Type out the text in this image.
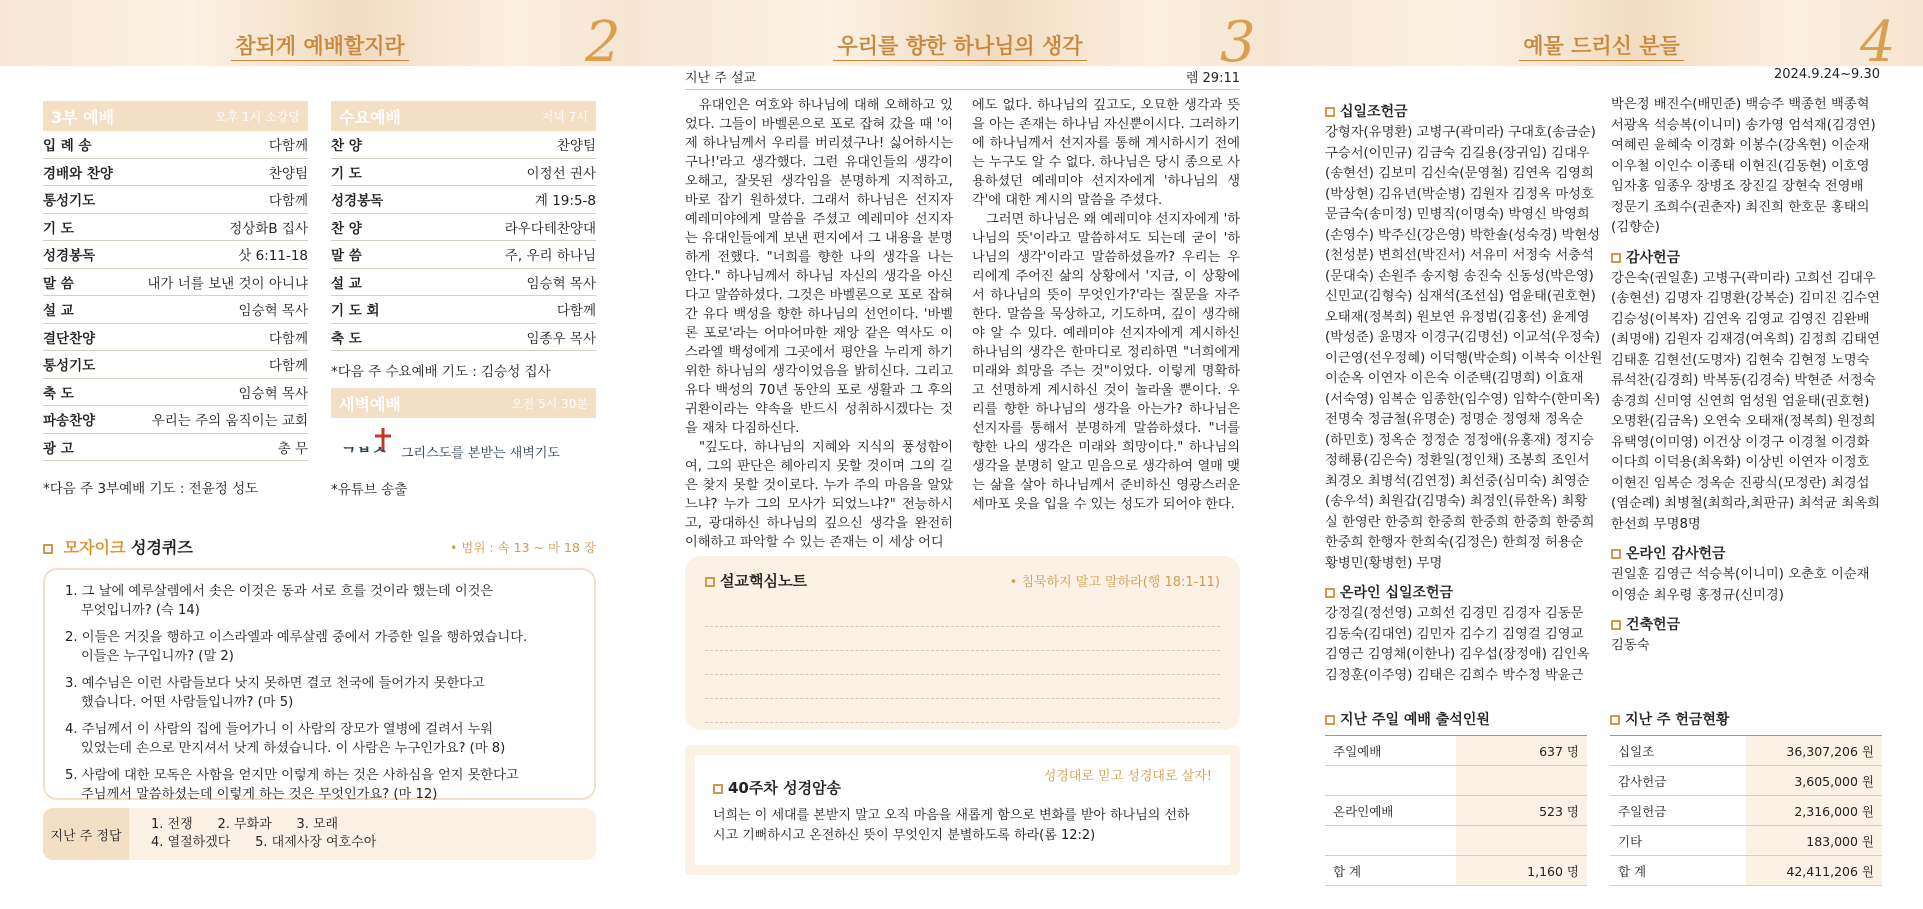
참되게 예배할지라	2
3부 예배	오후 1시 소강당
입 례 송	다함께
경배와 찬양	찬양팀
통성기도	다함께
기 도	정상화B 집사
성경봉독	삿 6:11-18
말 씀	내가 너를 보낸 것이 아니냐
설 교	임승혁 목사
결단찬양	다함께
통성기도	다함께
축 도	임승혁 목사
파송찬양	우리는 주의 움직이는 교회
광 고	총 무
*다음 주 3부예배 기도 : 전윤정 성도
수요예배	저녁 7시
찬 양	찬양팀
기 도	이정선 권사
성경봉독	계 19:5-8
찬 양	라우다테찬양대
말 씀	주, 우리 하나님
설 교	임승혁 목사
기 도 회	다함께
축 도	임종우 목사
*다음 주 수요예배 기도 : 김승성 집사
새벽예배	오전 5시 30분
ᄀᄇᄉ 그리스도를 본받는 새벽기도
*유튜브 송출
모자이크 성경퀴즈	• 범위 : 속 13 ~ 마 18 장
1. 그 날에 예루살렘에서 솟은 이것은 동과 서로 흐를 것이라 했는데 이것은
무엇입니까? (슥 14)
2. 이들은 거짓을 행하고 이스라엘과 예루살렘 중에서 가증한 일을 행하였습니다.
이들은 누구입니까? (말 2)
3. 예수님은 이런 사람들보다 낫지 못하면 결코 천국에 들어가지 못한다고
했습니다. 어떤 사람들입니까? (마 5)
4. 주님께서 이 사람의 집에 들어가니 이 사람의 장모가 열병에 걸려서 누워
있었는데 손으로 만지셔서 낫게 하셨습니다. 이 사람은 누구인가요? (마 8)
5. 사람에 대한 모독은 사함을 얻지만 이렇게 하는 것은 사하심을 얻지 못한다고
주님께서 말씀하셨는데 이렇게 하는 것은 무엇인가요? (마 12)
지난 주 정답
1. 전쟁      2. 무화과      3. 모래
4. 열절하겠다      5. 대제사장 여호수아
우리를 향한 하나님의 생각	3
지난 주 설교	렘 29:11

유대인은 여호와 하나님에 대해 오해하고 있었다. 그들이 바벨론으로 포로 잡혀 갔을 때 '이제 하나님께서 우리를 버리셨구나! 싫어하시는구나!'라고 생각했다. 그런 유대인들의 생각이 오해고, 잘못된 생각임을 분명하게 지적하고, 바로 잡기 원하셨다. 그래서 하나님은 선지자 예레미야에게 말씀을 주셨고 예레미야 선지자는 유대인들에게 보낸 편지에서 그 내용을 분명하게 전했다. "너희를 향한 나의 생각을 나는 안다." 하나님께서 하나님 자신의 생각을 아신다고 말씀하셨다. 그것은 바벨론으로 포로 잡혀간 유다 백성을 향한 하나님의 선언이다. '바벨론 포로'라는 어마어마한 재앙 같은 역사도 이스라엘 백성에게 그곳에서 평안을 누리게 하기 위한 하나님의 생각이었음을 밝히신다. 그리고 유다 백성의 70년 동안의 포로 생활과 그 후의 귀환이라는 약속을 반드시 성취하시겠다는 것을 재차 다짐하신다.

"깊도다. 하나님의 지혜와 지식의 풍성함이여, 그의 판단은 헤아리지 못할 것이며 그의 길은 찾지 못할 것이로다. 누가 주의 마음을 알았느냐? 누가 그의 모사가 되었느냐?" 전능하시고, 광대하신 하나님의 깊으신 생각을 완전히 이해하고 파악할 수 있는 존재는 이 세상 어디

에도 없다. 하나님의 깊고도, 오묘한 생각과 뜻을 아는 존재는 하나님 자신뿐이시다. 그러하기에 하나님께서 선지자를 통해 계시하시기 전에는 누구도 알 수 없다. 하나님은 당시 종으로 사용하셨던 예레미야 선지자에게 '하나님의 생각'에 대한 계시의 말씀을 주셨다.

그러면 하나님은 왜 예레미야 선지자에게 '하나님의 뜻'이라고 말씀하셔도 되는데 굳이 '하나님의 생각'이라고 말씀하셨을까? 우리는 우리에게 주어진 삶의 상황에서 '지금, 이 상황에서 하나님의 뜻이 무엇인가?'라는 질문을 자주 한다. 말씀을 묵상하고, 기도하며, 깊이 생각해야 알 수 있다. 예레미야 선지자에게 계시하신 하나님의 생각은 한마디로 정리하면 "너희에게 미래와 희망을 주는 것"이었다. 이렇게 명확하고 선명하게 계시하신 것이 놀라울 뿐이다. 우리를 향한 하나님의 생각을 아는가? 하나님은 선지자를 통해서 분명하게 말씀하셨다. "너를 향한 나의 생각은 미래와 희망이다." 하나님의 생각을 분명히 알고 믿음으로 생각하여 열매 맺는 삶을 살아 하나님께서 준비하신 영광스러운 세마포 옷을 입을 수 있는 성도가 되어야 한다.

설교핵심노트	• 침묵하지 말고 말하라(행 18:1-11)
성경대로 믿고 성경대로 살자!
40주차 성경암송
너희는 이 세대를 본받지 말고 오직 마음을 새롭게 함으로 변화를 받아 하나님의 선하
시고 기뻐하시고 온전하신 뜻이 무엇인지 분별하도록 하라(롬 12:2)
예물 드리신 분들	4
2024.9.24~9.30
십일조헌금
강형자(유명환) 고병구(곽미라) 구대호(송금순)
구승서(이민규) 김금숙 김길용(장귀임) 김대우
(송현선) 김보미 김신숙(문영철) 김연옥 김영희
(박상현) 김유년(박순병) 김원자 김정옥 마성호
문금숙(송미정) 민병직(이명숙) 박영신 박영희
(손영수) 박주신(강은영) 박한솔(성숙경) 박현성
(천성분) 변희선(박진서) 서유미 서정숙 서충석
(문대숙) 손원주 송지형 송진숙 신동성(박은영)
신민교(김형숙) 심재석(조선심) 엄윤태(권호현)
오태재(정복희) 원보연 유정범(김홍선) 윤계영
(박성준) 윤명자 이경구(김명선) 이교석(우정숙)
이근영(선우정혜) 이덕행(박순희) 이복숙 이산원
이순옥 이연자 이은숙 이준택(김명희) 이효재
(서숙영) 임복순 임종한(임수영) 임학수(한미옥)
전명숙 정금철(유명순) 정명순 정영채 정옥순
(하민호) 정옥순 정정순 정정애(유홍재) 정지승
정해룡(김은숙) 정환일(정인채) 조봉희 조인서
최경오 최병석(김연정) 최선중(심미숙) 최영순
(송우석) 최원갑(김명숙) 최정인(류한옥) 최황
실 한영란 한중희 한중희 한중희 한중희 한중희
한중희 한행자 한희숙(김정은) 한희정 허용순
황병민(황병헌) 무명
온라인 십일조헌금
강정길(정선영) 고희선 김경민 김경자 김동문
김동숙(김대연) 김민자 김수기 김영걸 김영교
김영근 김영채(이한나) 김우섭(장정애) 김인옥
김정훈(이주영) 김태은 김희수 박수정 박윤근
박은정 배진수(배민준) 백승주 백종헌 백종혁
서광옥 석승복(이니미) 송가영 엄석재(김경연)
여혜린 윤혜숙 이경화 이봉수(강옥현) 이순재
이우철 이인수 이종태 이현진(김동현) 이호영
임자홍 임종우 장병조 장진길 장현숙 전영배
정문기 조희수(권춘자) 최진희 한호문 홍태의
(김향순)
감사헌금
강은숙(권일훈) 고병구(곽미라) 고희선 김대우
(송현선) 김명자 김명환(강복순) 김미진 김수연
김승성(이복자) 김연옥 김영교 김영진 김완배
(최명애) 김원자 김재경(여옥희) 김정희 김태연
김태훈 김현선(도명자) 김현숙 김현정 노명숙
류석찬(김경희) 박복동(김경숙) 박현준 서정숙
송경희 신미영 신연희 엄성원 엄윤태(권호현)
오명환(김금옥) 오연숙 오태재(정복희) 원정희
유택영(이미영) 이건상 이경구 이경철 이경화
이다희 이덕용(최옥화) 이상빈 이연자 이정호
이현진 임복순 정옥순 진광식(모정란) 최경섭
(염순례) 최병철(최희라,최판규) 최석균 최옥희
한선희 무명8명
온라인 감사헌금
권일훈 김영근 석승복(이니미) 오춘호 이순재
이영순 최우령 홍정규(신미경)
건축헌금
김동숙
지난 주일 예배 출석인원
주일예배	637 명
온라인예배	523 명
합 계	1,160 명
지난 주 헌금현황
십일조	36,307,206 원
감사헌금	3,605,000 원
주일헌금	2,316,000 원
기타	183,000 원
합 계	42,411,206 원
